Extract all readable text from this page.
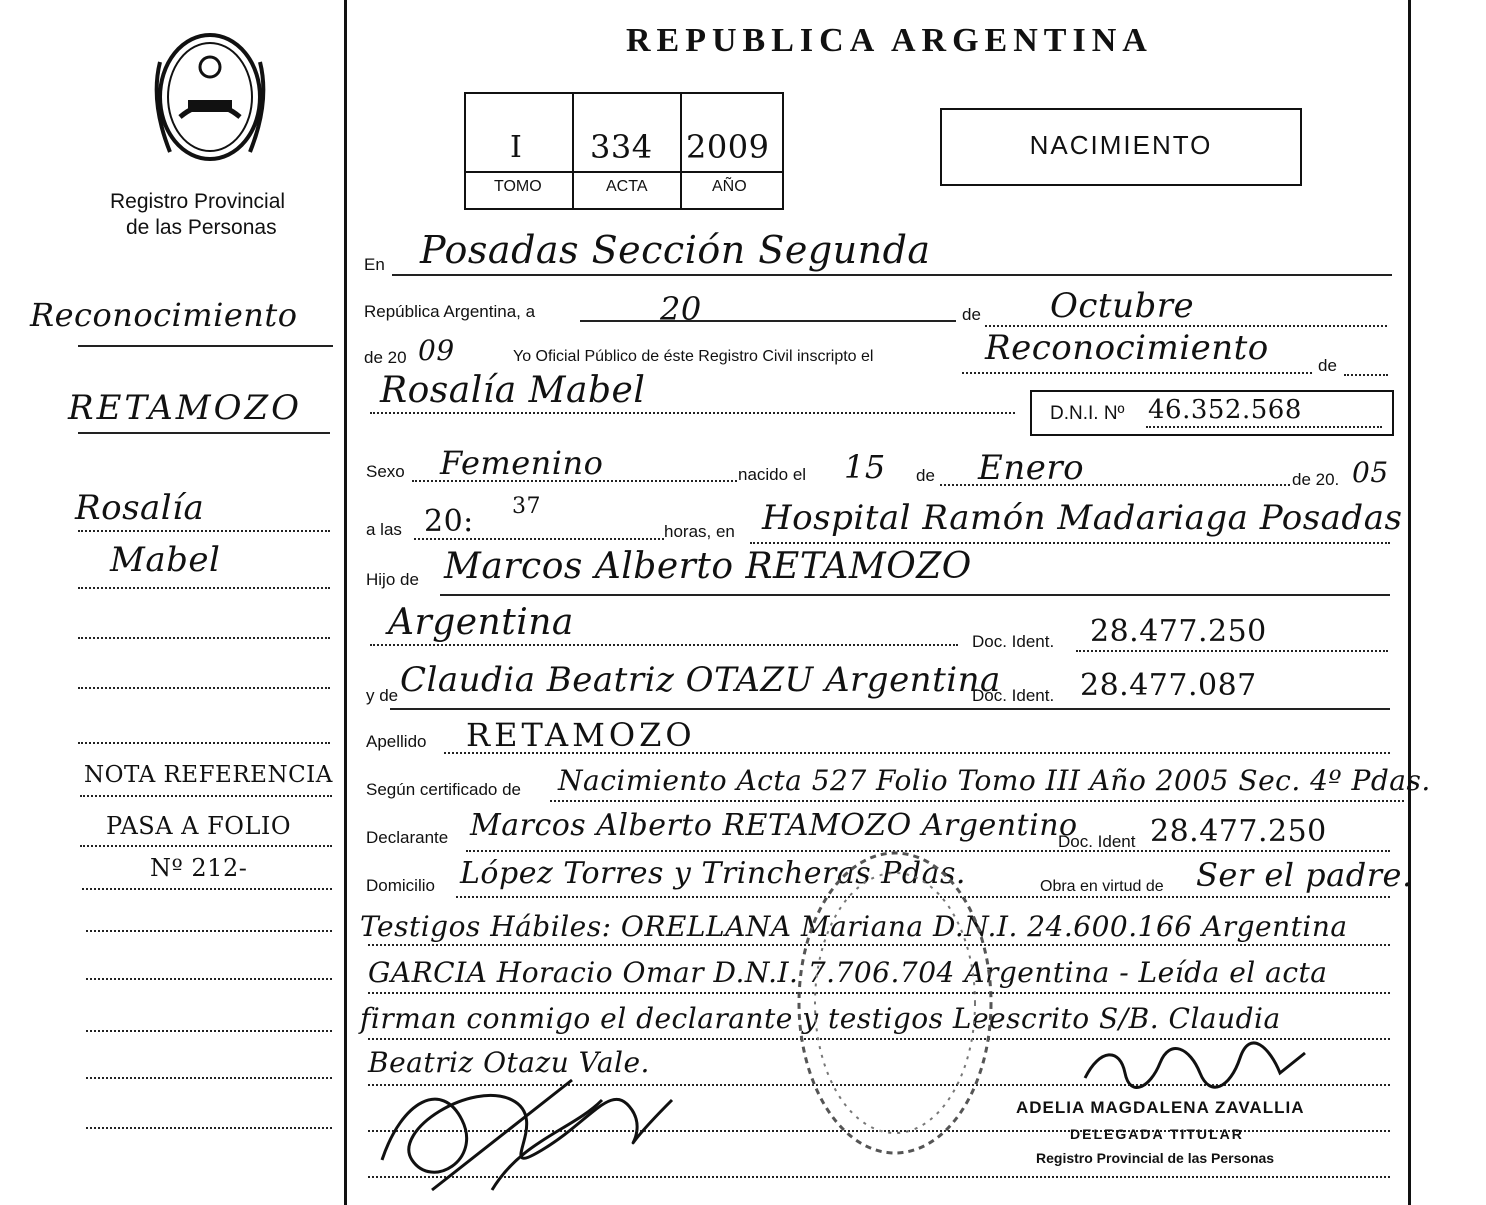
Registro Provincial
de las Personas
Reconocimiento
RETAMOZO
Rosalía
Mabel
NOTA REFERENCIA
PASA A FOLIO
Nº 212-
REPUBLICA ARGENTINA
I 334 2009
TOMO	ACTA	AÑO
NACIMIENTO
En Posadas Sección Segunda
República Argentina, a	20	de Octubre
de 20 09	Yo Oficial Público de éste Registro Civil inscripto el	Reconocimiento	de
Rosalía Mabel
D.N.I. Nº 46.352.568
Sexo Femenino	nacido el 15 de Enero	de 20. 05
a las 20: 37
horas, en Hospital Ramón Madariaga Posadas
Hijo de Marcos Alberto RETAMOZO
Argentina	Doc. Ident. 28.477.250
y de Claudia Beatriz OTAZU Argentina
Doc. Ident. 28.477.087
Apellido RETAMOZO
Según certificado de Nacimiento Acta 527 Folio Tomo III Año 2005 Sec. 4º Pdas.
Declarante Marcos Alberto RETAMOZO Argentino
Doc. Ident 28.477.250
Domicilio López Torres y Trincheras Pdas.	Obra en virtud de Ser el padre.
Testigos Hábiles: ORELLANA Mariana D.N.I. 24.600.166 Argentina
GARCIA Horacio Omar D.N.I. 7.706.704 Argentina - Leída el acta
firman conmigo el declarante y testigos Leescrito S/B. Claudia
Beatriz Otazu Vale.
ADELIA MAGDALENA ZAVALLIA
DELEGADA TITULAR
Registro Provincial de las Personas
